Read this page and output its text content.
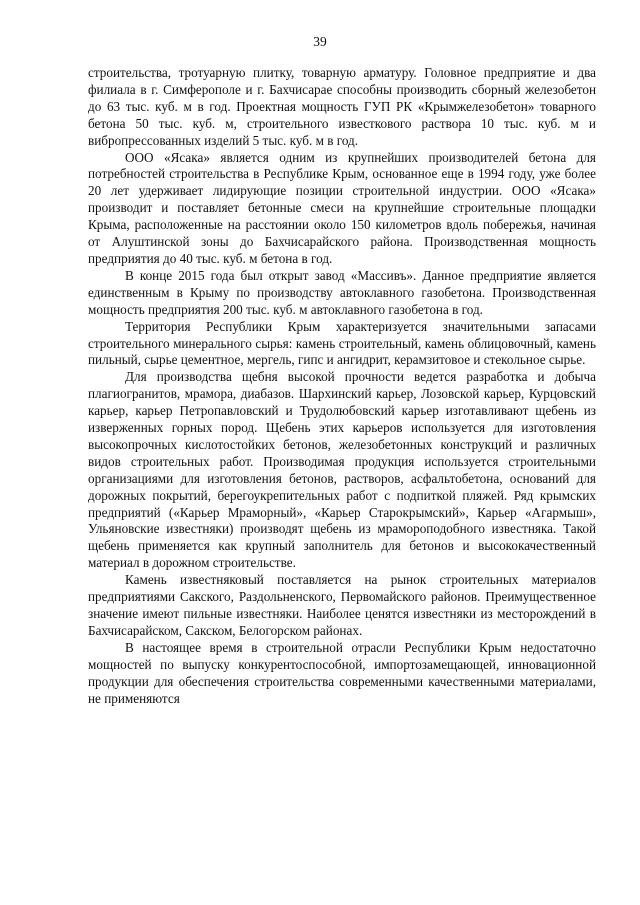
39

строительства, тротуарную плитку, товарную арматуру. Головное предприятие и два филиала в г. Симферополе и г. Бахчисарае способны производить сборный железобетон до 63 тыс. куб. м в год. Проектная мощность ГУП РК «Крымжелезобетон» товарного бетона 50 тыс. куб. м, строительного известкового раствора 10 тыс. куб. м и вибропрессованных изделий 5 тыс. куб. м в год.

ООО «Ясака» является одним из крупнейших производителей бетона для потребностей строительства в Республике Крым, основанное еще в 1994 году, уже более 20 лет удерживает лидирующие позиции строительной индустрии. ООО «Ясака» производит и поставляет бетонные смеси на крупнейшие строительные площадки Крыма, расположенные на расстоянии около 150 километров вдоль побережья, начиная от Алуштинской зоны до Бахчисарайского района. Производственная мощность предприятия до 40 тыс. куб. м бетона в год.

В конце 2015 года был открыт завод «Массивъ». Данное предприятие является единственным в Крыму по производству автоклавного газобетона. Производственная мощность предприятия 200 тыс. куб. м автоклавного газобетона в год.

Территория Республики Крым характеризуется значительными запасами строительного минерального сырья: камень строительный, камень облицовочный, камень пильный, сырье цементное, мергель, гипс и ангидрит, керамзитовое и стекольное сырье.

Для производства щебня высокой прочности ведется разработка и добыча плагиогранитов, мрамора, диабазов. Шархинский карьер, Лозовской карьер, Курцовский карьер, карьер Петропавловский и Трудолюбовский карьер изготавливают щебень из изверженных горных пород. Щебень этих карьеров используется для изготовления высокопрочных кислотостойких бетонов, железобетонных конструкций и различных видов строительных работ. Производимая продукция используется строительными организациями для изготовления бетонов, растворов, асфальтобетона, оснований для дорожных покрытий, берегоукрепительных работ с подпиткой пляжей. Ряд крымских предприятий («Карьер Мраморный», «Карьер Старокрымский», Карьер «Агармыш», Ульяновские известняки) производят щебень из мрамороподобного известняка. Такой щебень применяется как крупный заполнитель для бетонов и высококачественный материал в дорожном строительстве.

Камень известняковый поставляется на рынок строительных материалов предприятиями Сакского, Раздольненского, Первомайского районов. Преимущественное значение имеют пильные известняки. Наиболее ценятся известняки из месторождений в Бахчисарайском, Сакском, Белогорском районах.

В настоящее время в строительной отрасли Республики Крым недостаточно мощностей по выпуску конкурентоспособной, импортозамещающей, инновационной продукции для обеспечения строительства современными качественными материалами, не применяются
